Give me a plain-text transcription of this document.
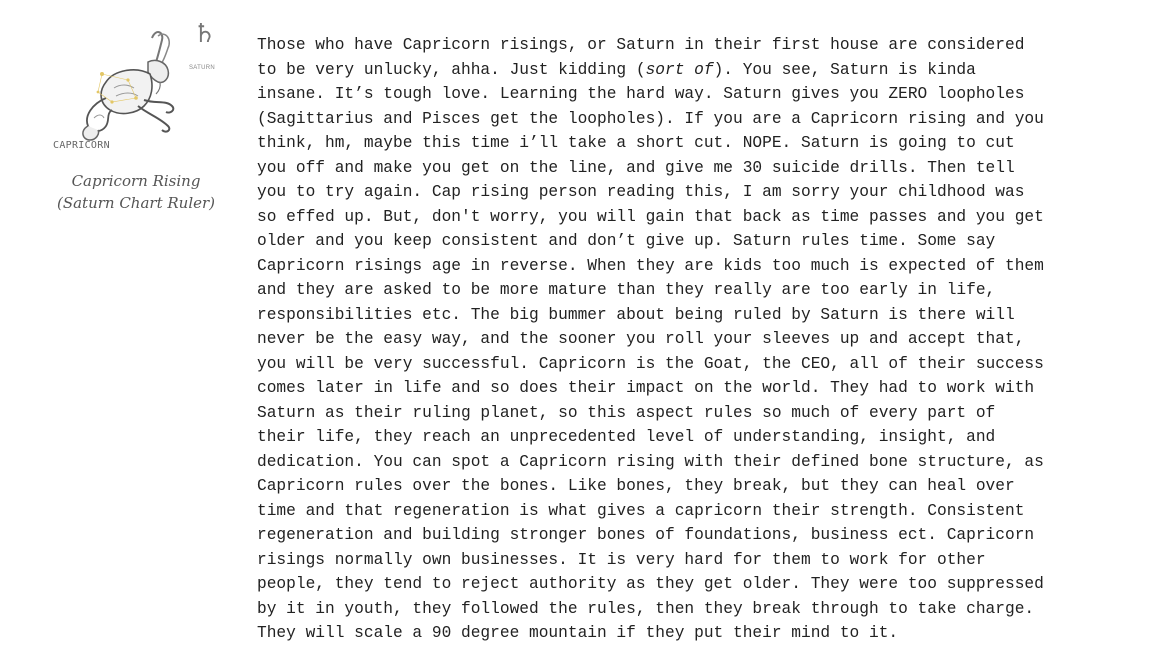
♄
SATURN
CAPRICORN
Capricorn Rising
(Saturn Chart Ruler)

Those who have Capricorn risings, or Saturn in their first house are considered
to be very unlucky, ahha. Just kidding (sort of). You see, Saturn is kinda
insane. It’s tough love. Learning the hard way. Saturn gives you ZERO loopholes
(Sagittarius and Pisces get the loopholes). If you are a Capricorn rising and you
think, hm, maybe this time i’ll take a short cut. NOPE. Saturn is going to cut
you off and make you get on the line, and give me 30 suicide drills. Then tell
you to try again. Cap rising person reading this, I am sorry your childhood was
so effed up. But, don't worry, you will gain that back as time passes and you get
older and you keep consistent and don’t give up. Saturn rules time. Some say
Capricorn risings age in reverse. When they are kids too much is expected of them
and they are asked to be more mature than they really are too early in life,
responsibilities etc. The big bummer about being ruled by Saturn is there will
never be the easy way, and the sooner you roll your sleeves up and accept that,
you will be very successful. Capricorn is the Goat, the CEO, all of their success
comes later in life and so does their impact on the world. They had to work with
Saturn as their ruling planet, so this aspect rules so much of every part of
their life, they reach an unprecedented level of understanding, insight, and
dedication. You can spot a Capricorn rising with their defined bone structure, as
Capricorn rules over the bones. Like bones, they break, but they can heal over
time and that regeneration is what gives a capricorn their strength. Consistent
regeneration and building stronger bones of foundations, business ect. Capricorn
risings normally own businesses. It is very hard for them to work for other
people, they tend to reject authority as they get older. They were too suppressed
by it in youth, they followed the rules, then they break through to take charge.
They will scale a 90 degree mountain if they put their mind to it.
